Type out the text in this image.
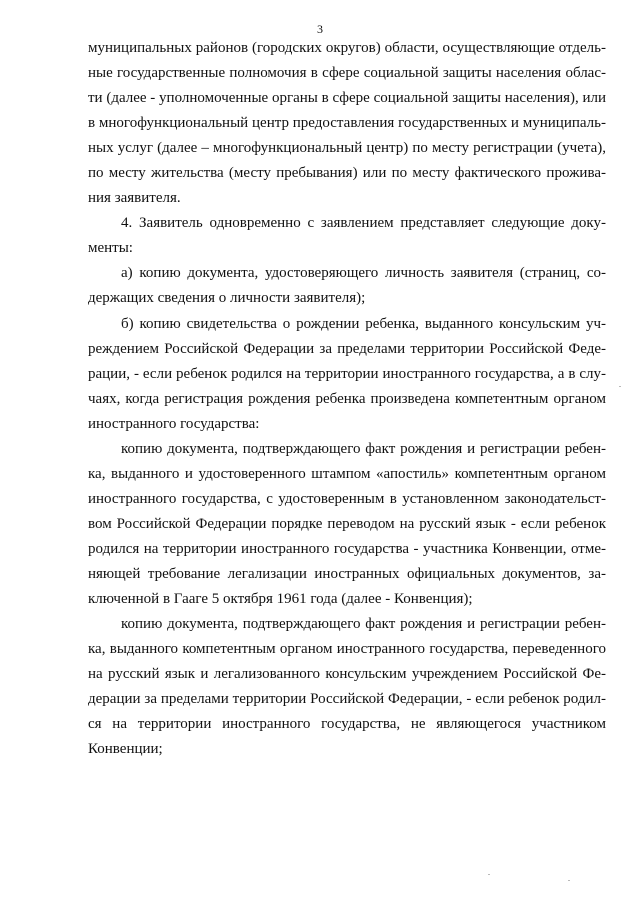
3
муниципальных районов (городских округов) области, осуществляющие отдель-
ные государственные полномочия в сфере социальной защиты населения облас-
ти (далее - уполномоченные органы в сфере социальной защиты населения), или
в многофункциональный центр предоставления государственных и муниципаль-
ных услуг (далее – многофункциональный центр) по месту регистрации (учета),
по месту жительства (месту пребывания) или по месту фактического прожива-
ния заявителя.
4. Заявитель одновременно с заявлением представляет следующие доку-
менты:
а) копию документа, удостоверяющего личность заявителя (страниц, со-
держащих сведения о личности заявителя);
б) копию свидетельства о рождении ребенка, выданного консульским уч-
реждением Российской Федерации за пределами территории Российской Феде-
рации, - если ребенок родился на территории иностранного государства, а в слу-
чаях, когда регистрация рождения ребенка произведена компетентным органом
иностранного государства:
копию документа, подтверждающего факт рождения и регистрации ребен-
ка, выданного и удостоверенного штампом «апостиль» компетентным органом
иностранного государства, с удостоверенным в установленном законодательст-
вом Российской Федерации порядке переводом на русский язык - если ребенок
родился на территории иностранного государства - участника Конвенции, отме-
няющей требование легализации иностранных официальных документов, за-
ключенной в Гааге 5 октября 1961 года (далее - Конвенция);
копию документа, подтверждающего факт рождения и регистрации ребен-
ка, выданного компетентным органом иностранного государства, переведенного
на русский язык и легализованного консульским учреждением Российской Фе-
дерации за пределами территории Российской Федерации, - если ребенок родил-
ся на территории иностранного государства, не являющегося участником
Конвенции;
